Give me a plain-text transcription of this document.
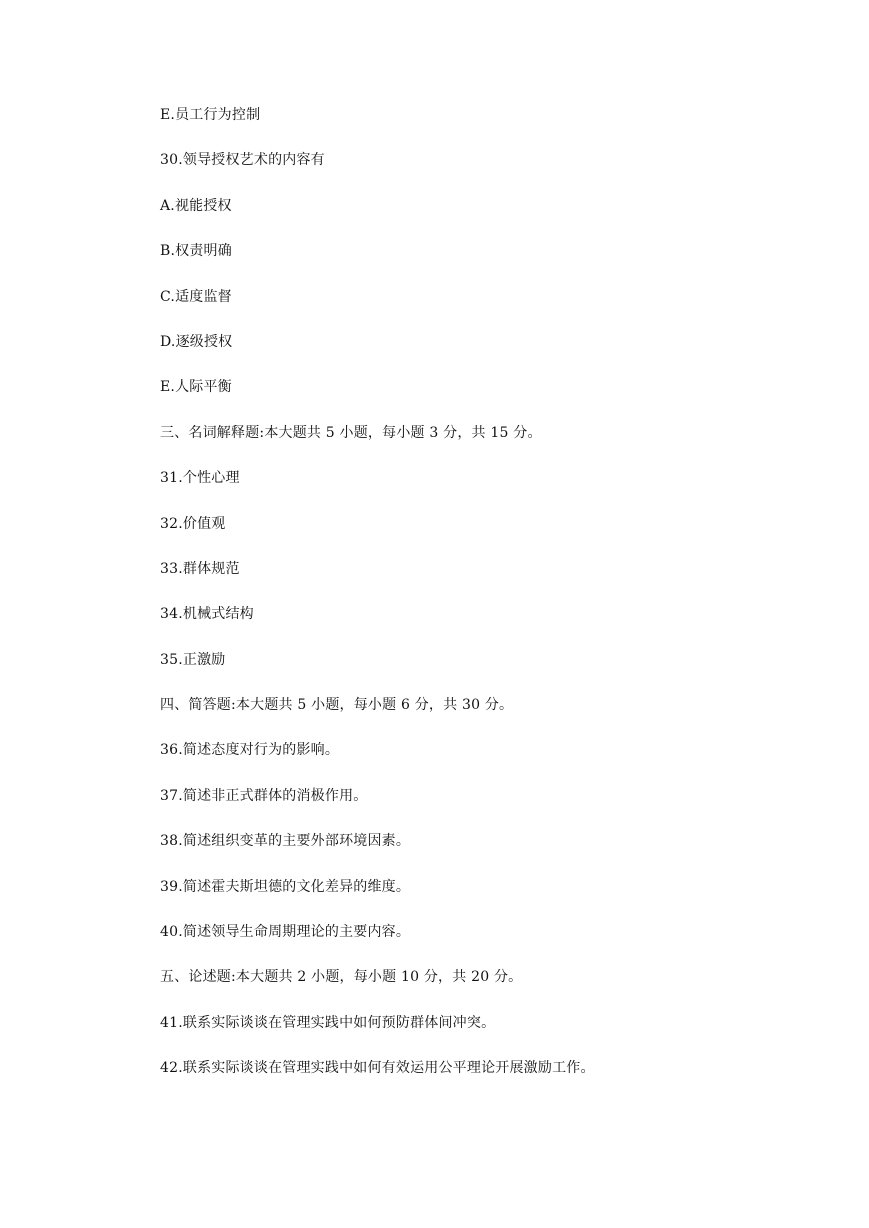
E.员工行为控制
30.领导授权艺术的内容有
A.视能授权
B.权责明确
C.适度监督
D.逐级授权
E.人际平衡
三、名词解释题:本大题共 5 小题，每小题 3 分，共 15 分。
31.个性心理
32.价值观
33.群体规范
34.机械式结构
35.正激励
四、简答题:本大题共 5 小题，每小题 6 分，共 30 分。
36.简述态度对行为的影响。
37.简述非正式群体的消极作用。
38.简述组织变革的主要外部环境因素。
39.简述霍夫斯坦德的文化差异的维度。
40.简述领导生命周期理论的主要内容。
五、论述题:本大题共 2 小题，每小题 10 分，共 20 分。
41.联系实际谈谈在管理实践中如何预防群体间冲突。
42.联系实际谈谈在管理实践中如何有效运用公平理论开展激励工作。
